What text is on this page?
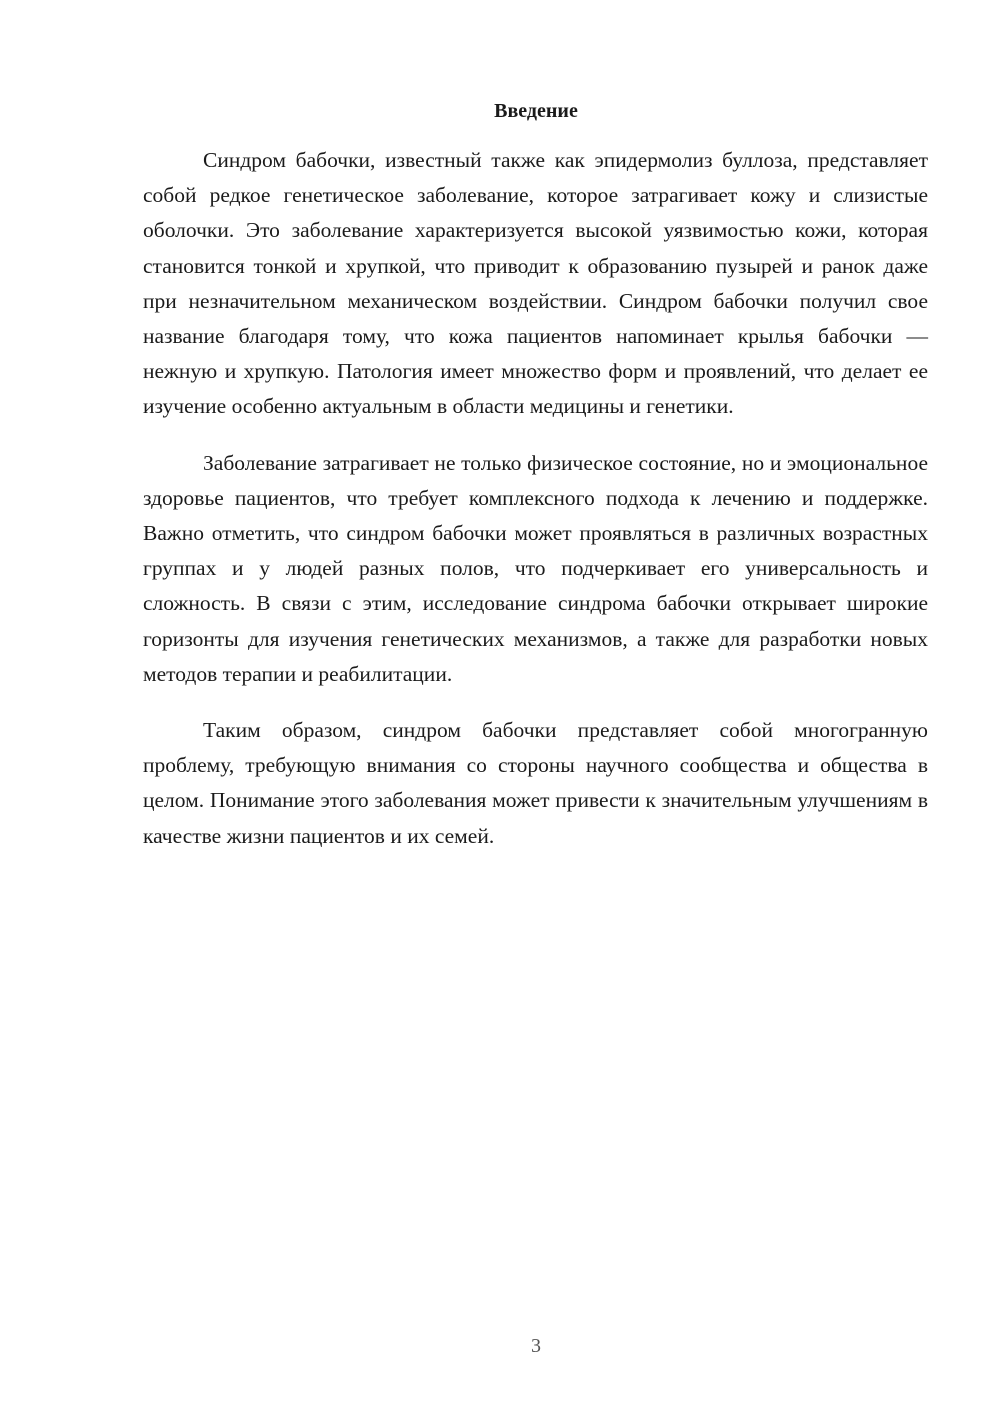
Введение

Синдром бабочки, известный также как эпидермолиз буллоза, представляет собой редкое генетическое заболевание, которое затрагивает кожу и слизистые оболочки. Это заболевание характеризуется высокой уязвимостью кожи, которая становится тонкой и хрупкой, что приводит к образованию пузырей и ранок даже при незначительном механическом воздействии. Синдром бабочки получил свое название благодаря тому, что кожа пациентов напоминает крылья бабочки — нежную и хрупкую. Патология имеет множество форм и проявлений, что делает ее изучение особенно актуальным в области медицины и генетики.

Заболевание затрагивает не только физическое состояние, но и эмоциональное здоровье пациентов, что требует комплексного подхода к лечению и поддержке. Важно отметить, что синдром бабочки может проявляться в различных возрастных группах и у людей разных полов, что подчеркивает его универсальность и сложность. В связи с этим, исследование синдрома бабочки открывает широкие горизонты для изучения генетических механизмов, а также для разработки новых методов терапии и реабилитации.

Таким образом, синдром бабочки представляет собой многогранную проблему, требующую внимания со стороны научного сообщества и общества в целом. Понимание этого заболевания может привести к значительным улучшениям в качестве жизни пациентов и их семей.

3
